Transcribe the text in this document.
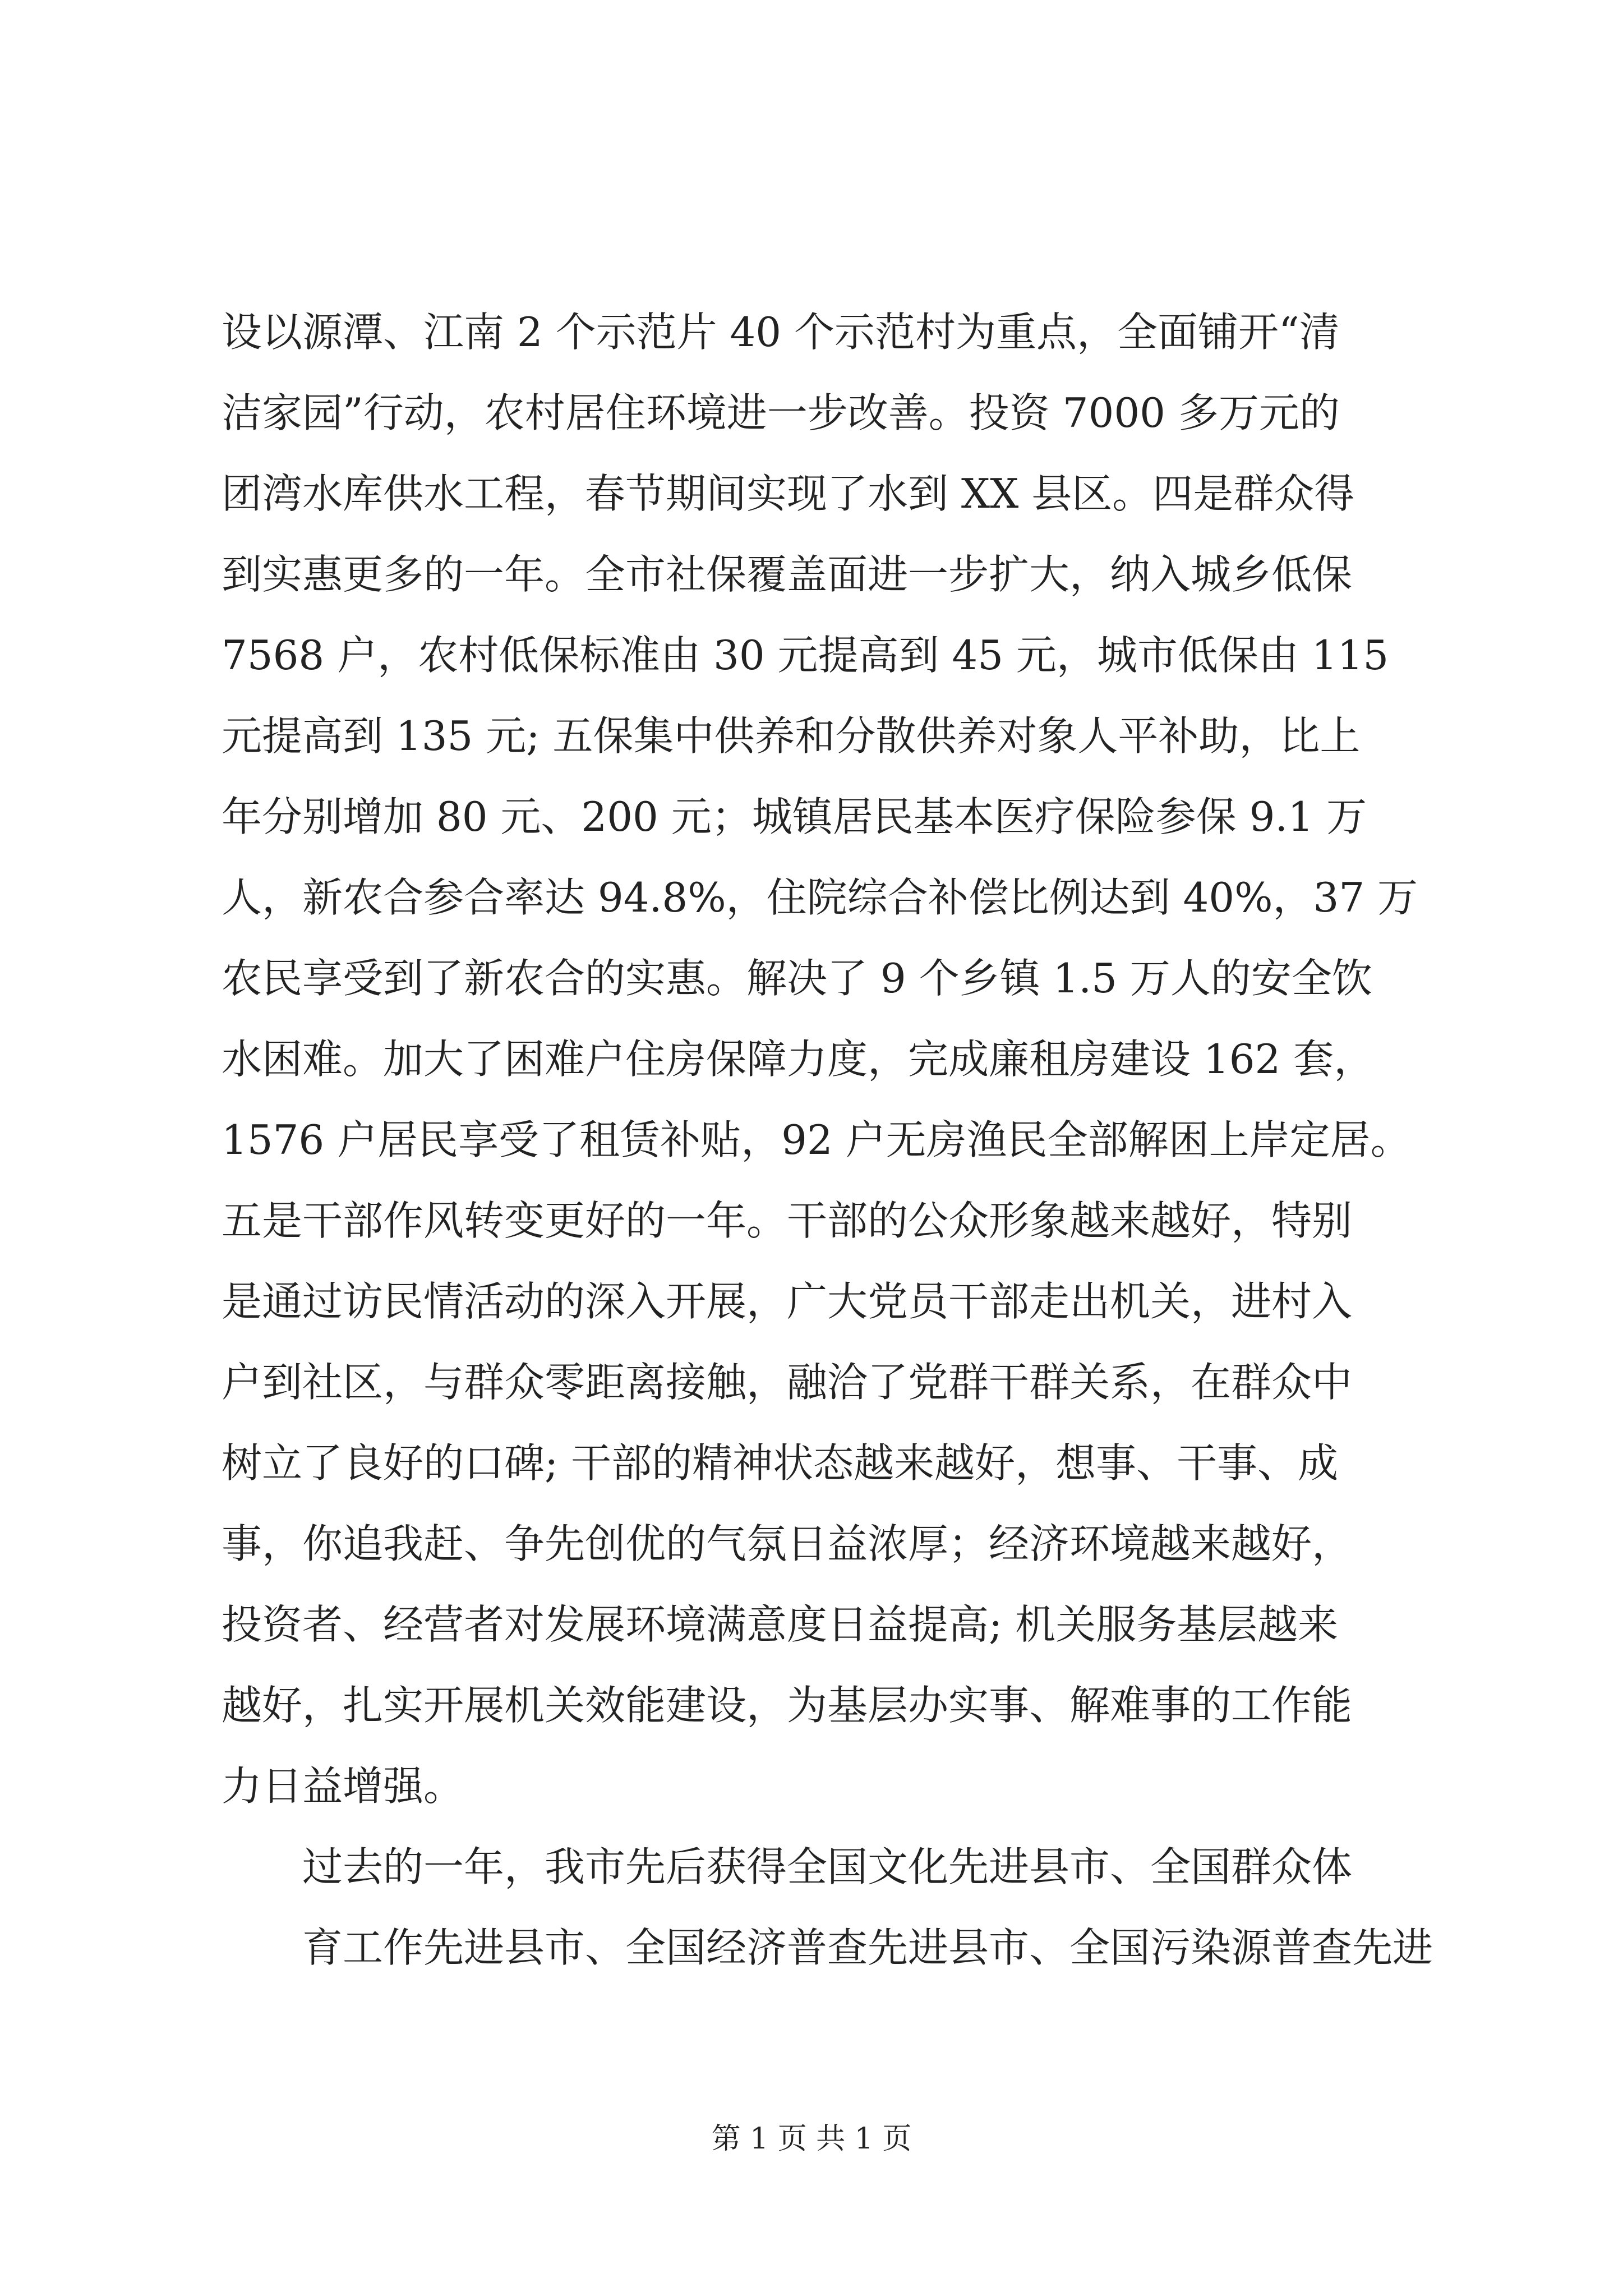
设以源潭、江南 2 个示范片 40 个示范村为重点，全面铺开“清
洁家园”行动，农村居住环境进一步改善。投资 7000 多万元的
团湾水库供水工程，春节期间实现了水到 XX 县区。四是群众得
到实惠更多的一年。全市社保覆盖面进一步扩大，纳入城乡低保
7568 户，农村低保标准由 30 元提高到 45 元，城市低保由 115
元提高到 135 元; 五保集中供养和分散供养对象人平补助，比上
年分别增加 80 元、200 元；城镇居民基本医疗保险参保 9.1 万
人，新农合参合率达 94.8%，住院综合补偿比例达到 40%，37 万
农民享受到了新农合的实惠。解决了 9 个乡镇 1.5 万人的安全饮
水困难。加大了困难户住房保障力度，完成廉租房建设 162 套，
1576 户居民享受了租赁补贴，92 户无房渔民全部解困上岸定居。
五是干部作风转变更好的一年。干部的公众形象越来越好，特别
是通过访民情活动的深入开展，广大党员干部走出机关，进村入
户到社区，与群众零距离接触，融洽了党群干群关系，在群众中
树立了良好的口碑; 干部的精神状态越来越好，想事、干事、成
事，你追我赶、争先创优的气氛日益浓厚；经济环境越来越好，
投资者、经营者对发展环境满意度日益提高; 机关服务基层越来
越好，扎实开展机关效能建设，为基层办实事、解难事的工作能
力日益增强。

过去的一年，我市先后获得全国文化先进县市、全国群众体
育工作先进县市、全国经济普查先进县市、全国污染源普查先进

第 1 页 共 1 页
